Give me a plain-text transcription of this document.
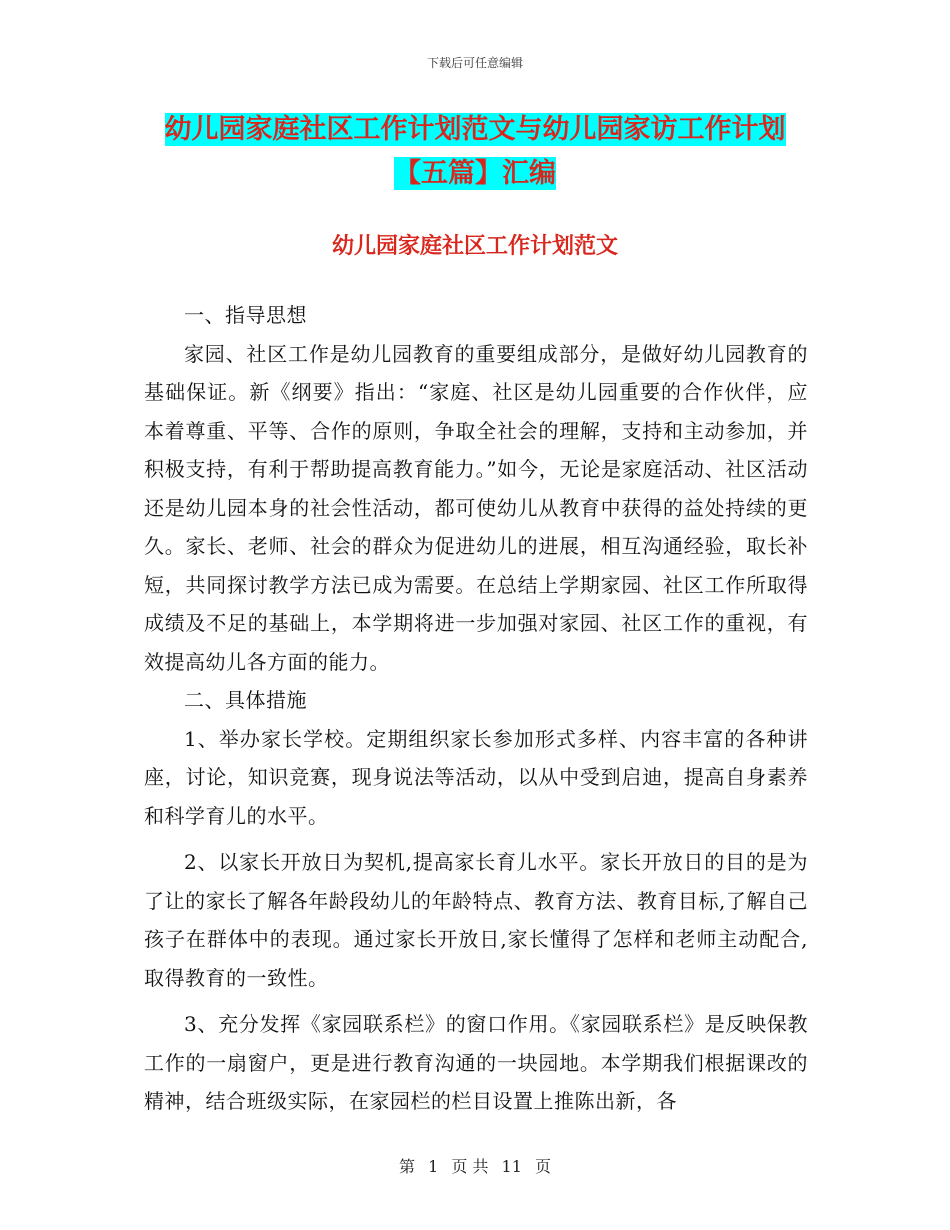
下载后可任意编辑
幼儿园家庭社区工作计划范文与幼儿园家访工作计划
【五篇】汇编
幼儿园家庭社区工作计划范文

一、指导思想

家园、社区工作是幼儿园教育的重要组成部分，是做好幼儿园教育的基础保证。新《纲要》指出：“家庭、社区是幼儿园重要的合作伙伴，应本着尊重、平等、合作的原则，争取全社会的理解，支持和主动参加，并积极支持，有利于帮助提高教育能力。”如今，无论是家庭活动、社区活动还是幼儿园本身的社会性活动，都可使幼儿从教育中获得的益处持续的更久。家长、老师、社会的群众为促进幼儿的进展，相互沟通经验，取长补短，共同探讨教学方法已成为需要。在总结上学期家园、社区工作所取得成绩及不足的基础上，本学期将进一步加强对家园、社区工作的重视，有效提高幼儿各方面的能力。

二、具体措施

1、举办家长学校。定期组织家长参加形式多样、内容丰富的各种讲座，讨论，知识竞赛，现身说法等活动，以从中受到启迪，提高自身素养和科学育儿的水平。

2、以家长开放日为契机,提高家长育儿水平。家长开放日的目的是为了让的家长了解各年龄段幼儿的年龄特点、教育方法、教育目标,了解自己孩子在群体中的表现。通过家长开放日,家长懂得了怎样和老师主动配合,取得教育的一致性。

3、充分发挥《家园联系栏》的窗口作用。《家园联系栏》是反映保教工作的一扇窗户，更是进行教育沟通的一块园地。本学期我们根据课改的精神，结合班级实际，在家园栏的栏目设置上推陈出新，各

第 1 页 共 11 页
